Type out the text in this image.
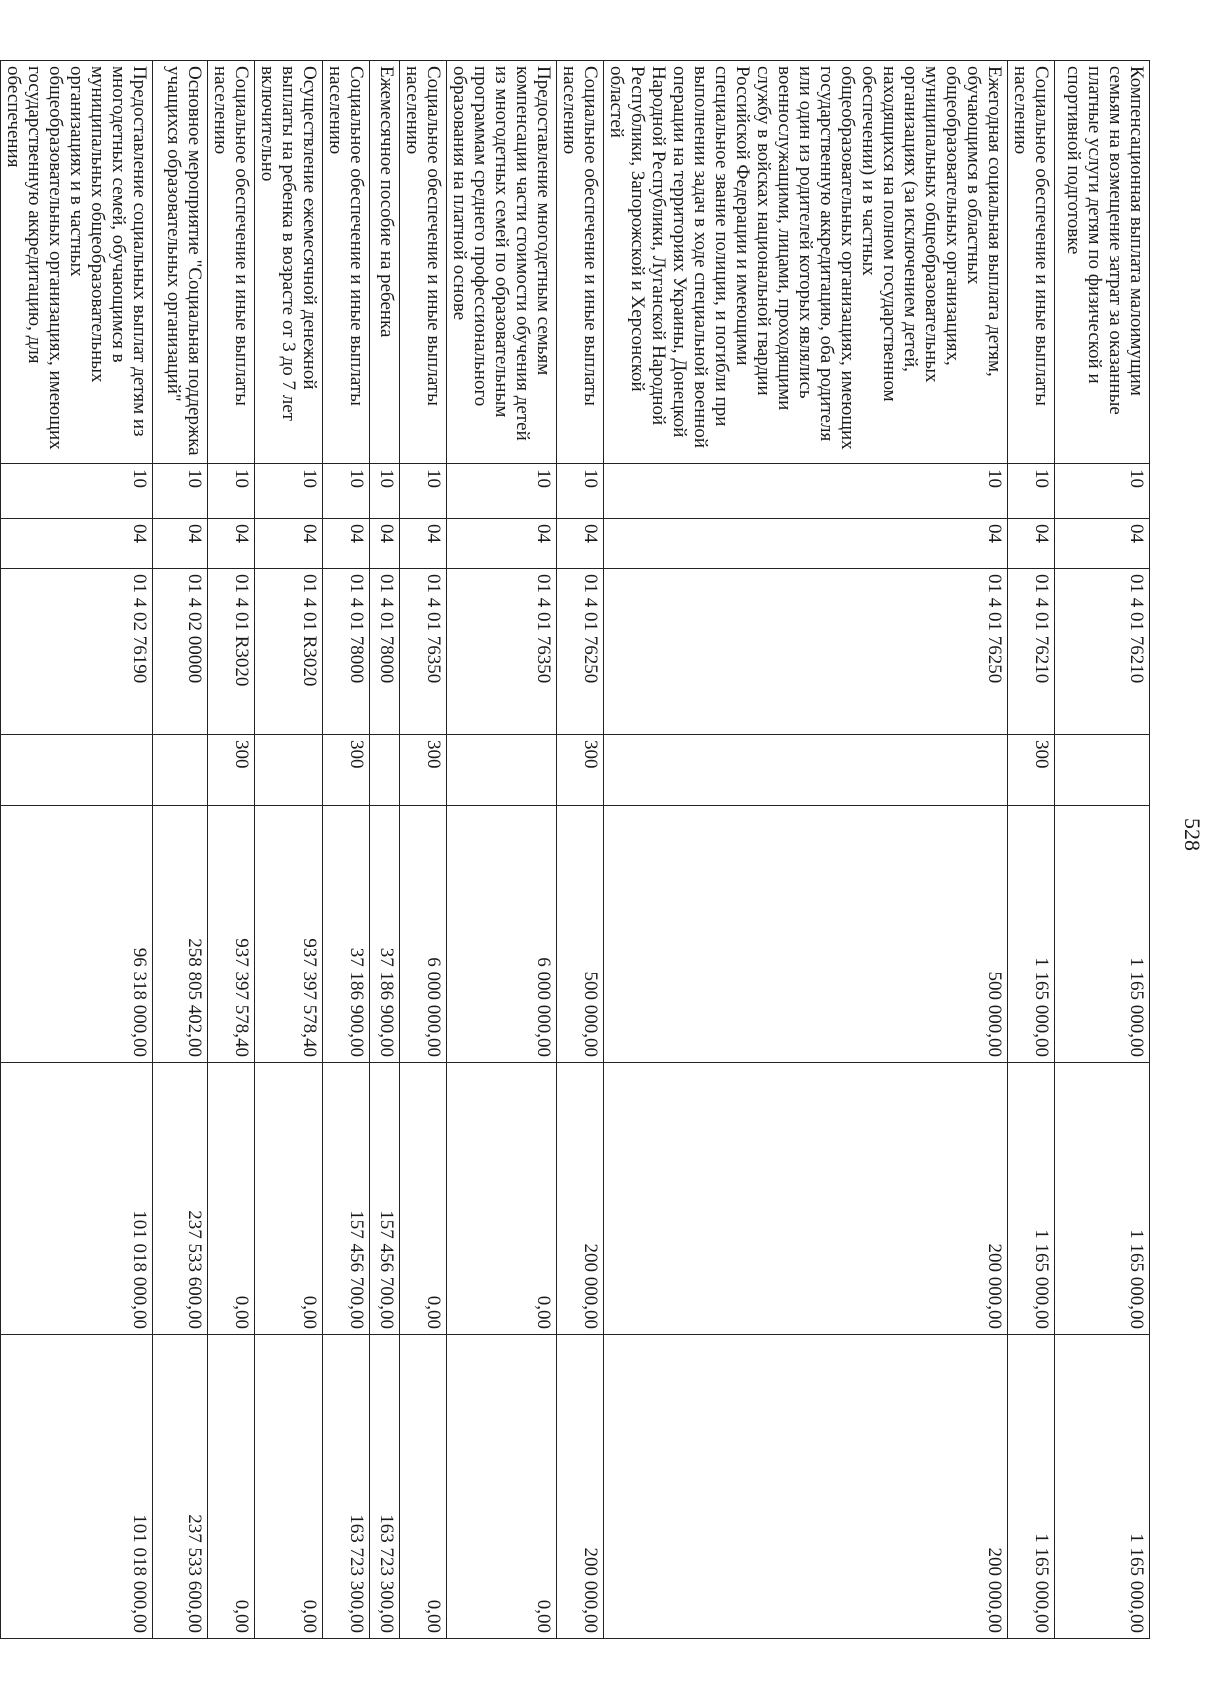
528
Компенсационная выплата малоимущим семьям на возмещение затрат за оказанные платные услуги детям по физической и спортивной подготовке	10	04	01 4 01 76210		1 165 000,00	1 165 000,00	1 165 000,00
Социальное обеспечение и иные выплаты населению	10	04	01 4 01 76210	300	1 165 000,00	1 165 000,00	1 165 000,00
Ежегодная социальная выплата детям, обучающимся в областных общеобразовательных организациях, муниципальных общеобразовательных организациях (за исключением детей, находящихся на полном государственном обеспечении) и в частных общеобразовательных организациях, имеющих государственную аккредитацию, оба родителя или один из родителей которых являлись военнослужащими, лицами, проходящими службу в войсках национальной гвардии Российской Федерации и имеющими специальное звание полиции, и погибли при выполнении задач в ходе специальной военной операции на территориях Украины, Донецкой Народной Республики, Луганской Народной Республики, Запорожской и Херсонской областей	10	04	01 4 01 76250		500 000,00	200 000,00	200 000,00
Социальное обеспечение и иные выплаты населению	10	04	01 4 01 76250	300	500 000,00	200 000,00	200 000,00
Предоставление многодетным семьям компенсации части стоимости обучения детей из многодетных семей по образовательным программам среднего профессионального образования на платной основе	10	04	01 4 01 76350		6 000 000,00	0,00	0,00
Социальное обеспечение и иные выплаты населению	10	04	01 4 01 76350	300	6 000 000,00	0,00	0,00
Ежемесячное пособие на ребенка	10	04	01 4 01 78000		37 186 900,00	157 456 700,00	163 723 300,00
Социальное обеспечение и иные выплаты населению	10	04	01 4 01 78000	300	37 186 900,00	157 456 700,00	163 723 300,00
Осуществление ежемесячной денежной выплаты на ребенка в возрасте от 3 до 7 лет включительно	10	04	01 4 01 R3020		937 397 578,40	0,00	0,00
Социальное обеспечение и иные выплаты населению	10	04	01 4 01 R3020	300	937 397 578,40	0,00	0,00
Основное мероприятие "Социальная поддержка учащихся образовательных организаций"	10	04	01 4 02 00000		258 805 402,00	237 533 600,00	237 533 600,00
Предоставление социальных выплат детям из многодетных семей, обучающимся в муниципальных общеобразовательных организациях и в частных общеобразовательных организациях, имеющих государственную аккредитацию, для обеспечения	10	04	01 4 02 76190		96 318 000,00	101 018 000,00	101 018 000,00
